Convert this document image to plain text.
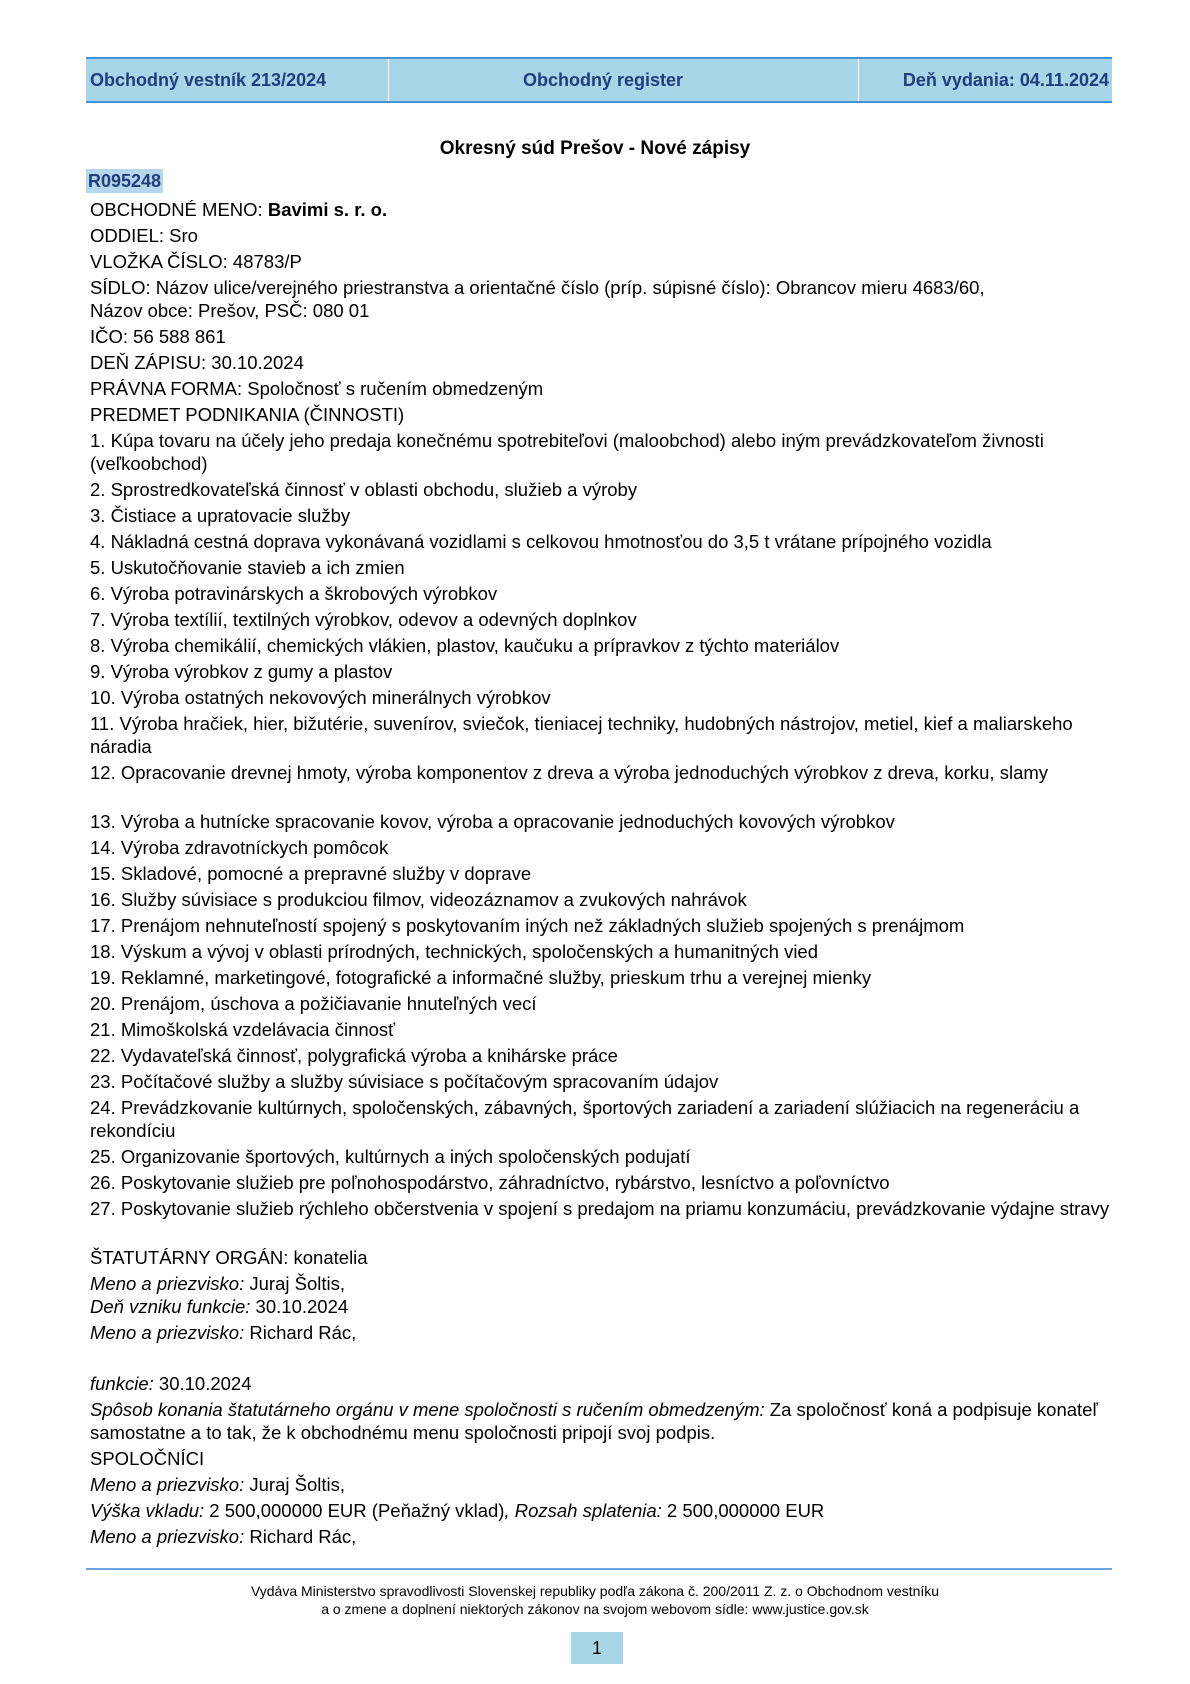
Obchodný vestník 213/2024	Obchodný register	Deň vydania: 04.11.2024
Okresný súd Prešov - Nové zápisy
R095248
OBCHODNÉ MENO: Bavimi s. r. o.
ODDIEL: Sro
VLOŽKA ČÍSLO: 48783/P
SÍDLO: Názov ulice/verejného priestranstva a orientačné číslo (príp. súpisné číslo): Obrancov mieru 4683/60,
Názov obce: Prešov, PSČ: 080 01
IČO: 56 588 861
DEŇ ZÁPISU: 30.10.2024
PRÁVNA FORMA: Spoločnosť s ručením obmedzeným
PREDMET PODNIKANIA (ČINNOSTI)
1. Kúpa tovaru na účely jeho predaja konečnému spotrebiteľovi (maloobchod) alebo iným prevádzkovateľom živnosti (veľkoobchod)
2. Sprostredkovateľská činnosť v oblasti obchodu, služieb a výroby
3. Čistiace a upratovacie služby
4. Nákladná cestná doprava vykonávaná vozidlami s celkovou hmotnosťou do 3,5 t vrátane prípojného vozidla
5. Uskutočňovanie stavieb a ich zmien
6. Výroba potravinárskych a škrobových výrobkov
7. Výroba textílií, textilných výrobkov, odevov a odevných doplnkov
8. Výroba chemikálií, chemických vlákien, plastov, kaučuku a prípravkov z týchto materiálov
9. Výroba výrobkov z gumy a plastov
10. Výroba ostatných nekovových minerálnych výrobkov
11. Výroba hračiek, hier, bižutérie, suvenírov, sviečok, tieniacej techniky, hudobných nástrojov, metiel, kief a maliarskeho náradia
12. Opracovanie drevnej hmoty, výroba komponentov z dreva a výroba jednoduchých výrobkov z dreva, korku, slamy
13. Výroba a hutnícke spracovanie kovov, výroba a opracovanie jednoduchých kovových výrobkov
14. Výroba zdravotníckych pomôcok
15. Skladové, pomocné a prepravné služby v doprave
16. Služby súvisiace s produkciou filmov, videozáznamov a zvukových nahrávok
17. Prenájom nehnuteľností spojený s poskytovaním iných než základných služieb spojených s prenájmom
18. Výskum a vývoj v oblasti prírodných, technických, spoločenských a humanitných vied
19. Reklamné, marketingové, fotografické a informačné služby, prieskum trhu a verejnej mienky
20. Prenájom, úschova a požičiavanie hnuteľných vecí
21. Mimoškolská vzdelávacia činnosť
22. Vydavateľská činnosť, polygrafická výroba a knihárske práce
23. Počítačové služby a služby súvisiace s počítačovým spracovaním údajov
24. Prevádzkovanie kultúrnych, spoločenských, zábavných, športových zariadení a zariadení slúžiacich na regeneráciu a rekondíciu
25. Organizovanie športových, kultúrnych a iných spoločenských podujatí
26. Poskytovanie služieb pre poľnohospodárstvo, záhradníctvo, rybárstvo, lesníctvo a poľovníctvo
27. Poskytovanie služieb rýchleho občerstvenia v spojení s predajom na priamu konzumáciu, prevádzkovanie výdajne stravy
ŠTATUTÁRNY ORGÁN: konatelia
Meno a priezvisko: Juraj Šoltis,
Deň vzniku funkcie: 30.10.2024
Meno a priezvisko: Richard Rác,
funkcie: 30.10.2024
Spôsob konania štatutárneho orgánu v mene spoločnosti s ručením obmedzeným: Za spoločnosť koná a podpisuje konateľ samostatne a to tak, že k obchodnému menu spoločnosti pripojí svoj podpis.
SPOLOČNÍCI
Meno a priezvisko: Juraj Šoltis,
Výška vkladu: 2 500,000000 EUR (Peňažný vklad), Rozsah splatenia: 2 500,000000 EUR
Meno a priezvisko: Richard Rác,
Vydáva Ministerstvo spravodlivosti Slovenskej republiky podľa zákona č. 200/2011 Z. z. o Obchodnom vestníku
a o zmene a doplnení niektorých zákonov na svojom webovom sídle: www.justice.gov.sk
1
